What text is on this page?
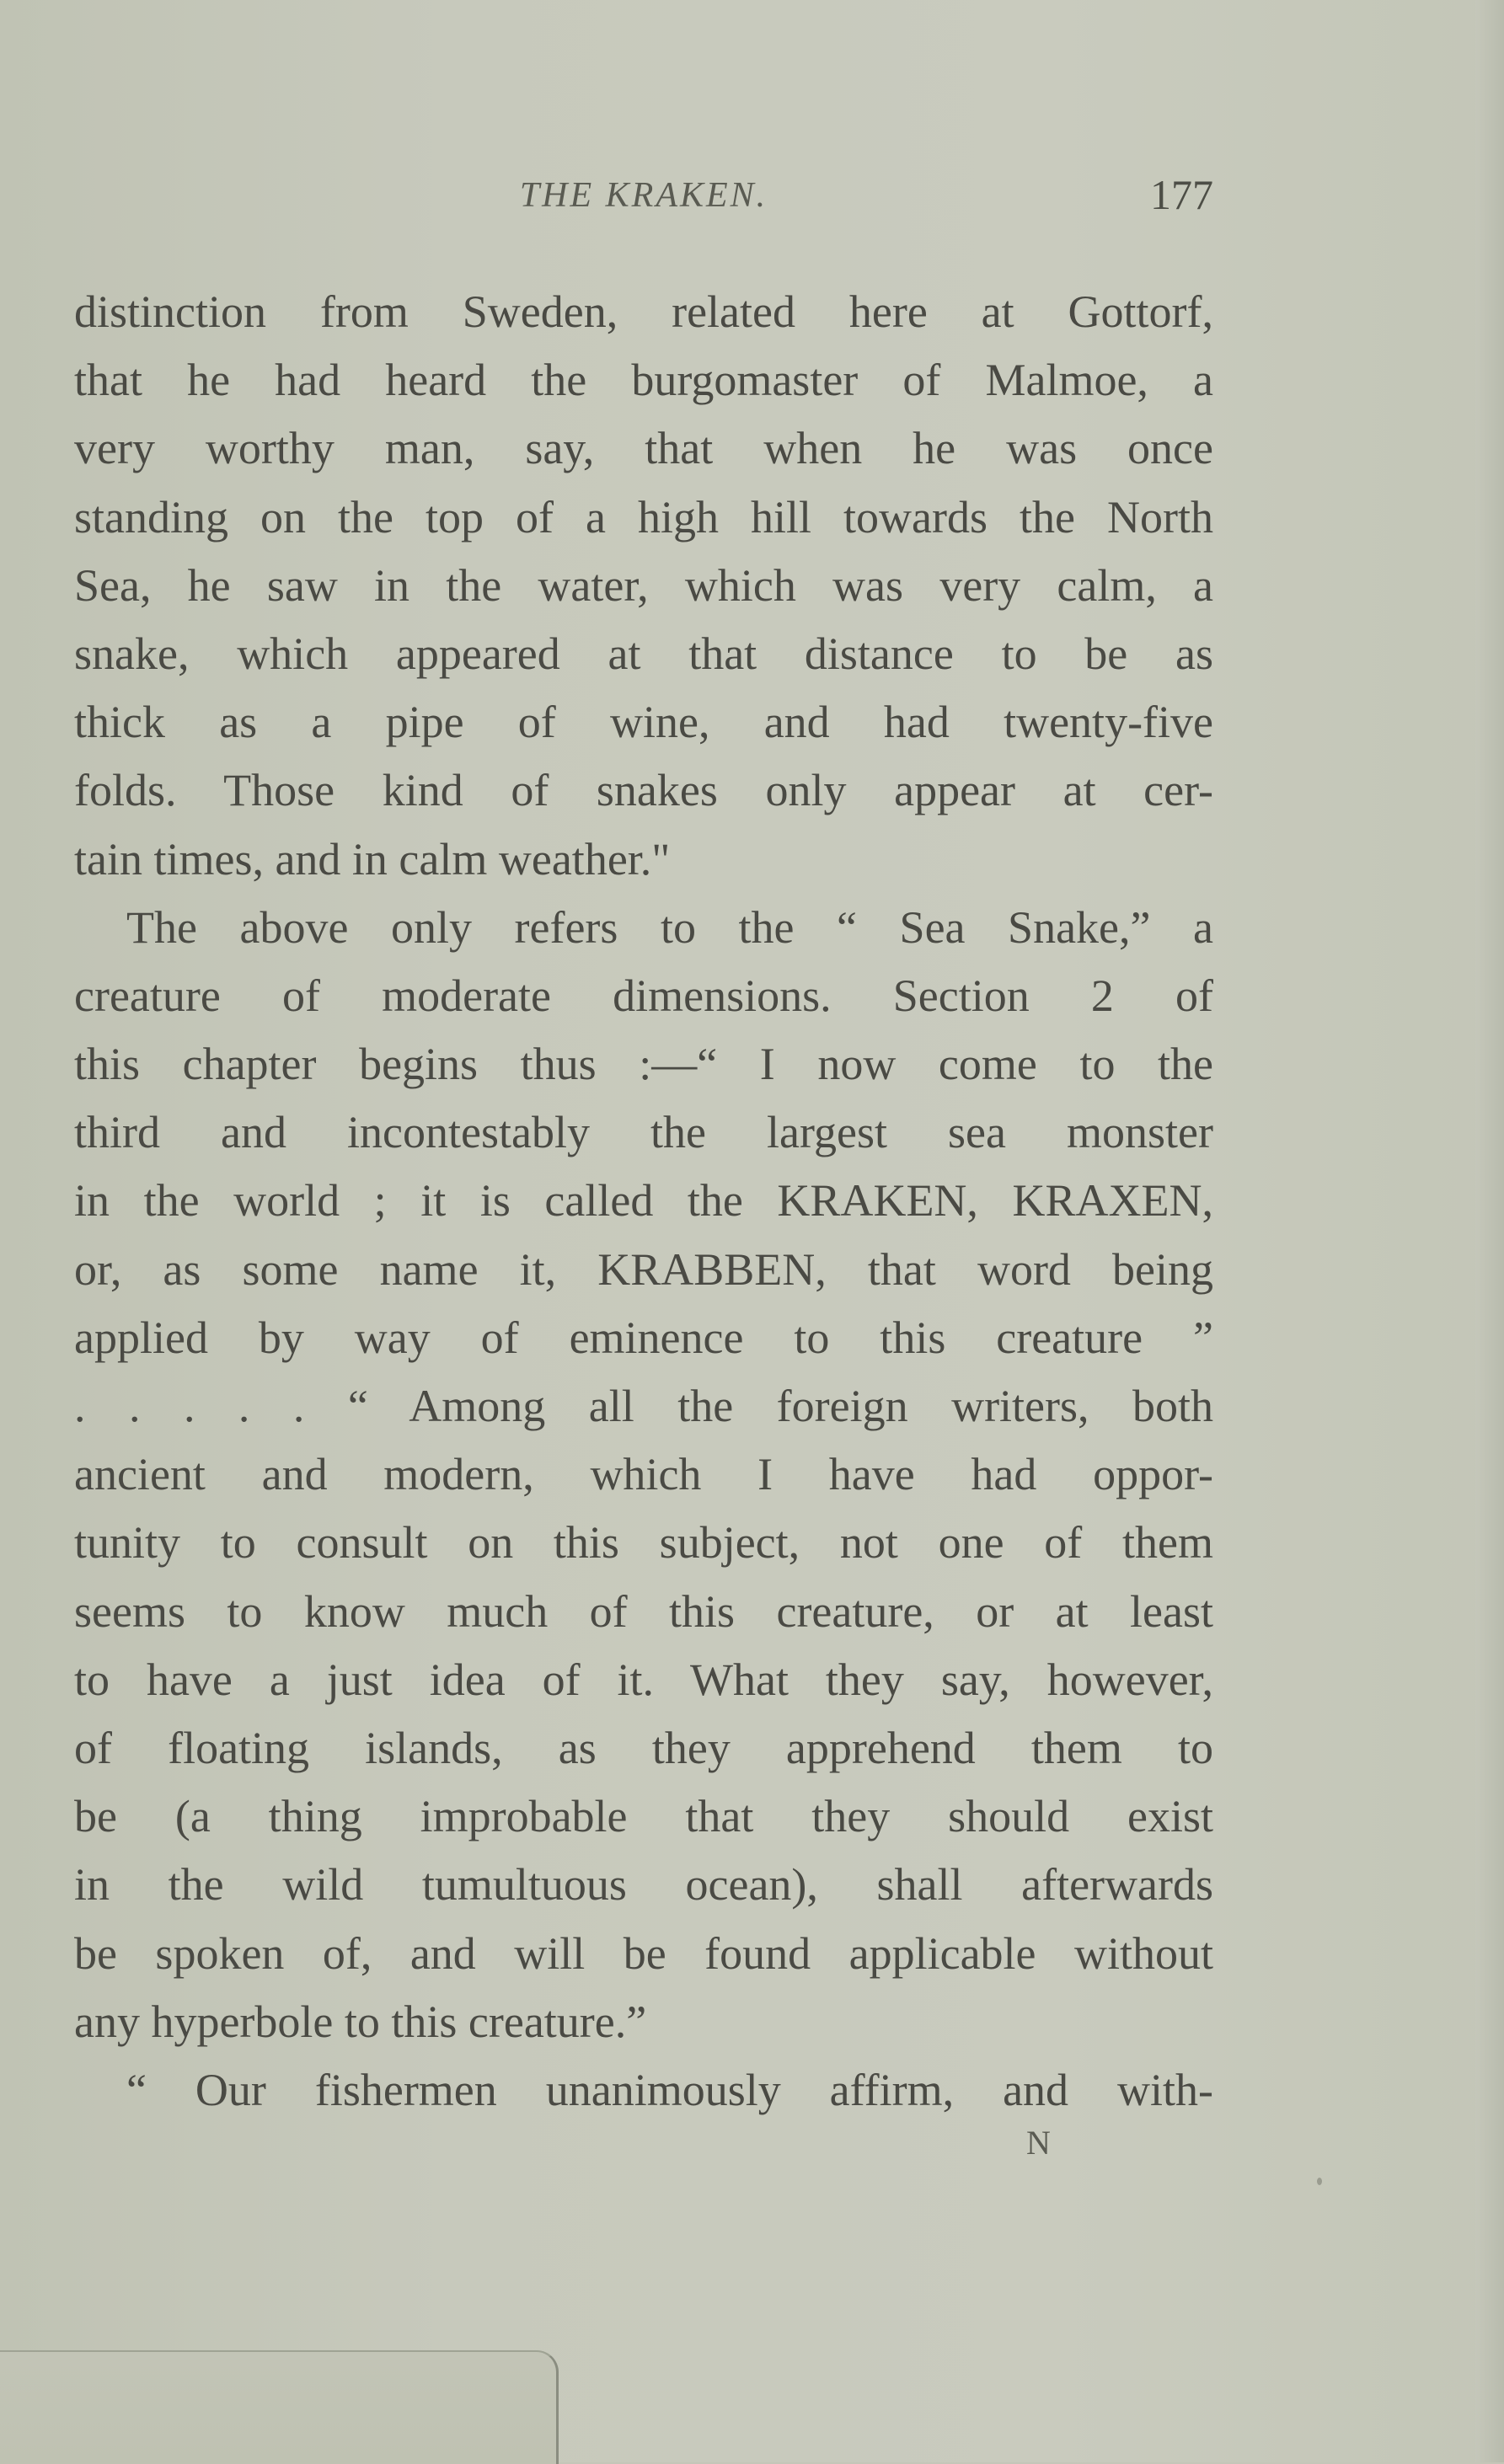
THE KRAKEN.	177
distinction from Sweden, related here at Gottorf,
that he had heard the burgomaster of Malmoe, a
very worthy man, say, that when he was once
standing on the top of a high hill towards the North
Sea, he saw in the water, which was very calm, a
snake, which appeared at that distance to be as
thick as a pipe of wine, and had twenty-five
folds. Those kind of snakes only appear at cer-
tain times, and in calm weather."
The above only refers to the “ Sea Snake,” a
creature of moderate dimensions. Section 2 of
this chapter begins thus :—“ I now come to the
third and incontestably the largest sea monster
in the world ; it is called the KRAKEN, KRAXEN,
or, as some name it, KRABBEN, that word being
applied by way of eminence to this creature ”
. . . . . “ Among all the foreign writers, both
ancient and modern, which I have had oppor-
tunity to consult on this subject, not one of them
seems to know much of this creature, or at least
to have a just idea of it. What they say, however,
of floating islands, as they apprehend them to
be (a thing improbable that they should exist
in the wild tumultuous ocean), shall afterwards
be spoken of, and will be found applicable without
any hyperbole to this creature.”
“ Our fishermen unanimously affirm, and with-
N
